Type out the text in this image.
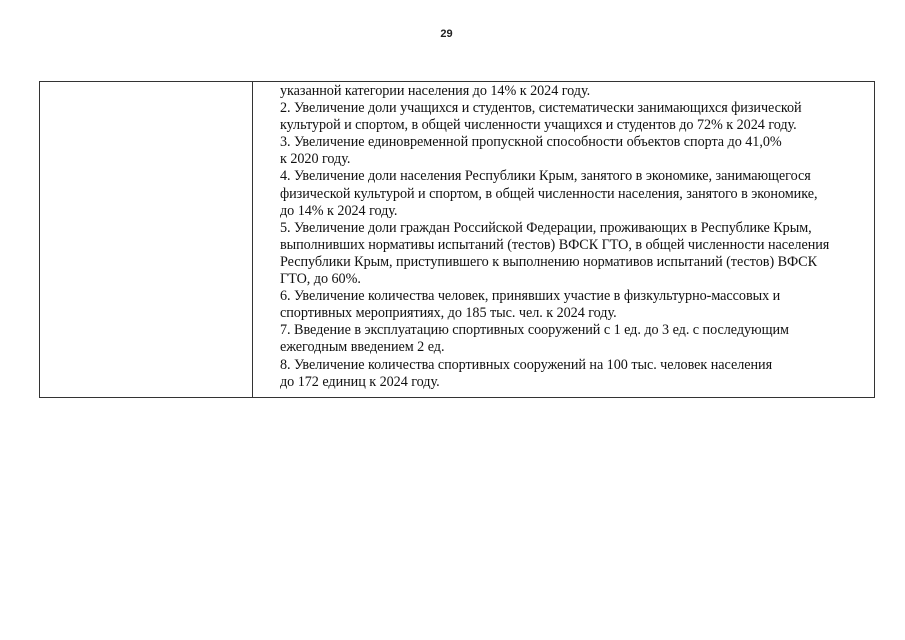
29

указанной категории населения до 14% к 2024 году.
2. Увеличение доли учащихся и студентов, систематически занимающихся физической
культурой и спортом, в общей численности учащихся и студентов до 72% к 2024 году.
3. Увеличение единовременной пропускной способности объектов спорта до 41,0%
к 2020 году.
4. Увеличение доли населения Республики Крым, занятого в экономике, занимающегося
физической культурой и спортом, в общей численности населения, занятого в экономике,
до 14% к 2024 году.
5. Увеличение доли граждан Российской Федерации, проживающих в Республике Крым,
выполнивших нормативы испытаний (тестов) ВФСК ГТО, в общей численности населения
Республики Крым, приступившего к выполнению нормативов испытаний (тестов) ВФСК
ГТО, до 60%.
6. Увеличение количества человек, принявших участие в физкультурно-массовых и
спортивных мероприятиях, до 185 тыс. чел. к 2024 году.
7. Введение в эксплуатацию спортивных сооружений с 1 ед. до 3 ед. с последующим
ежегодным введением 2 ед.
8. Увеличение количества спортивных сооружений на 100 тыс. человек населения
до 172 единиц к 2024 году.
